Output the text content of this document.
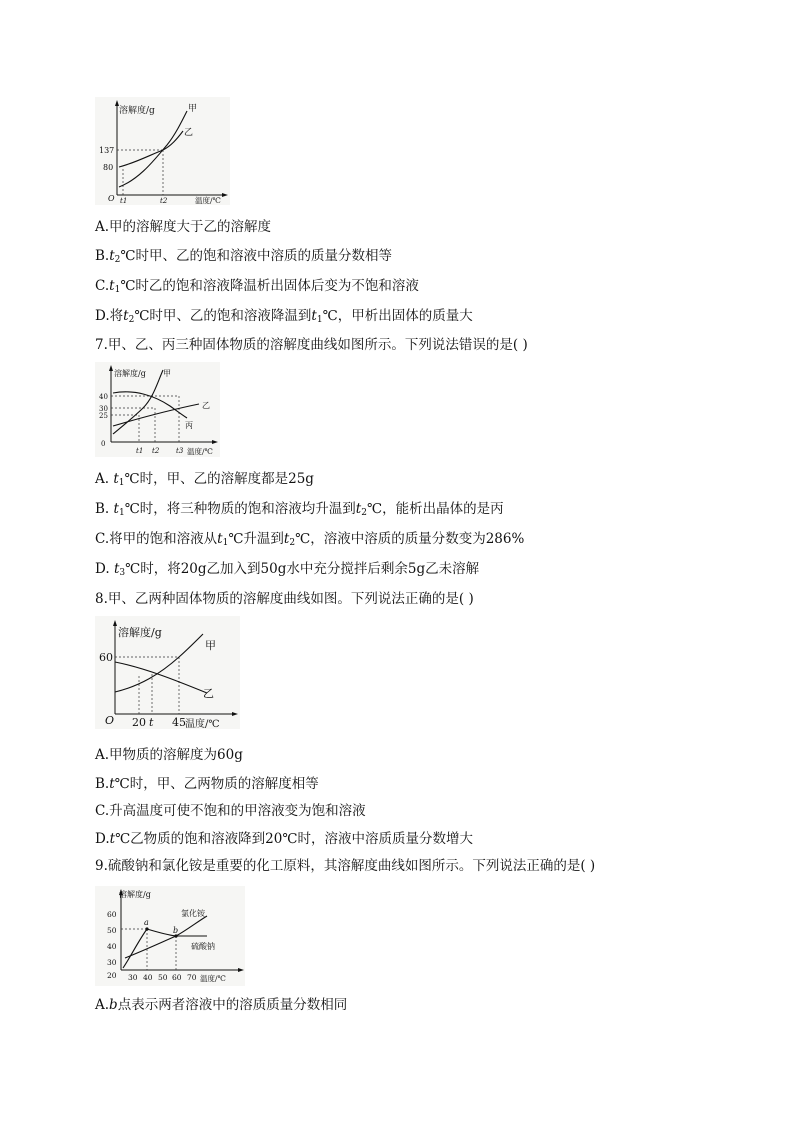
溶解度/g
温度/℃
O
137
80
t1	t2
甲
乙
A.甲的溶解度大于乙的溶解度
$B.t_2℃$时甲、乙的饱和溶液中溶质的质量分数相等
$C.t_1℃$时乙的饱和溶液降温析出固体后变为不饱和溶液
D.将$t_2℃$时甲、乙的饱和溶液降温到$t_1℃$，甲析出固体的质量大
7.甲、乙、丙三种固体物质的溶解度曲线如图所示。下列说法错误的是( )
溶解度/g
温度/℃
0
40
30
25
t1 t2 t3
甲
乙
丙
A. $t_1℃$时，甲、乙的溶解度都是25g
B. $t_1℃$时，将三种物质的饱和溶液均升温到$t_2℃$，能析出晶体的是丙
C.将甲的饱和溶液从$t_1℃$升温到$t_2℃$，溶液中溶质的质量分数变为286%
D. $t_3℃$时，将20g乙加入到50g水中充分搅拌后剩余5g乙未溶解
8.甲、乙两种固体物质的溶解度曲线如图。下列说法正确的是( )
溶解度/g
温度/℃
O
60
20 t 45
甲
乙
A.甲物质的溶解度为60g
B.t℃时，甲、乙两物质的溶解度相等
C.升高温度可使不饱和的甲溶液变为饱和溶液
D.t℃乙物质的饱和溶液降到20℃时，溶液中溶质质量分数增大
9.硫酸钠和氯化铵是重要的化工原料，其溶解度曲线如图所示。下列说法正确的是( )
溶解度/g
温度/℃
60
50
40
30
20 30 40 50 60 70
a
b
氯化铵
硫酸钠
A.b点表示两者溶液中的溶质质量分数相同
